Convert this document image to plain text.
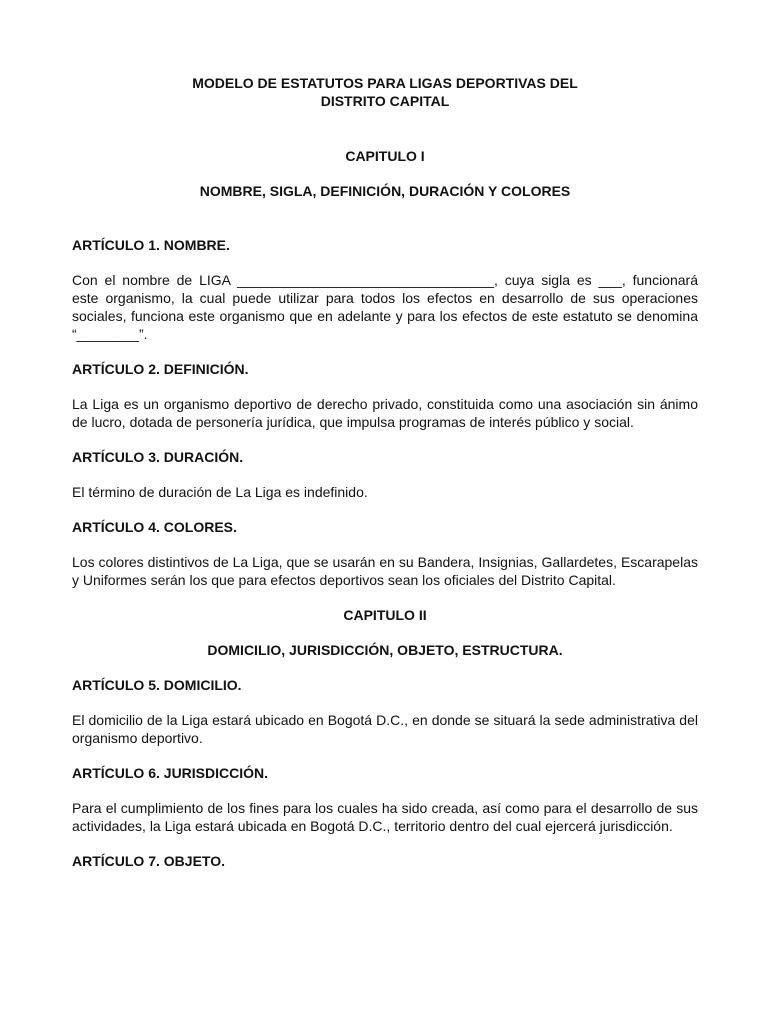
MODELO DE ESTATUTOS PARA LIGAS DEPORTIVAS DEL

DISTRITO CAPITAL

CAPITULO I

NOMBRE, SIGLA, DEFINICIÓN, DURACIÓN Y COLORES

ARTÍCULO 1. NOMBRE.

Con el nombre de LIGA _________________________________, cuya sigla es ___, funcionará este organismo, la cual puede utilizar para todos los efectos en desarrollo de sus operaciones sociales, funciona este organismo que en adelante y para los efectos de este estatuto se denomina “________”.

ARTÍCULO 2. DEFINICIÓN.

La Liga es un organismo deportivo de derecho privado, constituida como una asociación sin ánimo de lucro, dotada de personería jurídica, que impulsa programas de interés público y social.

ARTÍCULO 3. DURACIÓN.

El término de duración de La Liga es indefinido.

ARTÍCULO 4. COLORES.

Los colores distintivos de La Liga, que se usarán en su Bandera, Insignias, Gallardetes, Escarapelas y Uniformes serán los que para efectos deportivos sean los oficiales del Distrito Capital.

CAPITULO II

DOMICILIO, JURISDICCIÓN, OBJETO, ESTRUCTURA.

ARTÍCULO 5. DOMICILIO.

El domicilio de la Liga estará ubicado en Bogotá D.C., en donde se situará la sede administrativa del organismo deportivo.

ARTÍCULO 6. JURISDICCIÓN.

Para el cumplimiento de los fines para los cuales ha sido creada, así como para el desarrollo de sus actividades, la Liga estará ubicada en Bogotá D.C., territorio dentro del cual ejercerá jurisdicción.

ARTÍCULO 7. OBJETO.
